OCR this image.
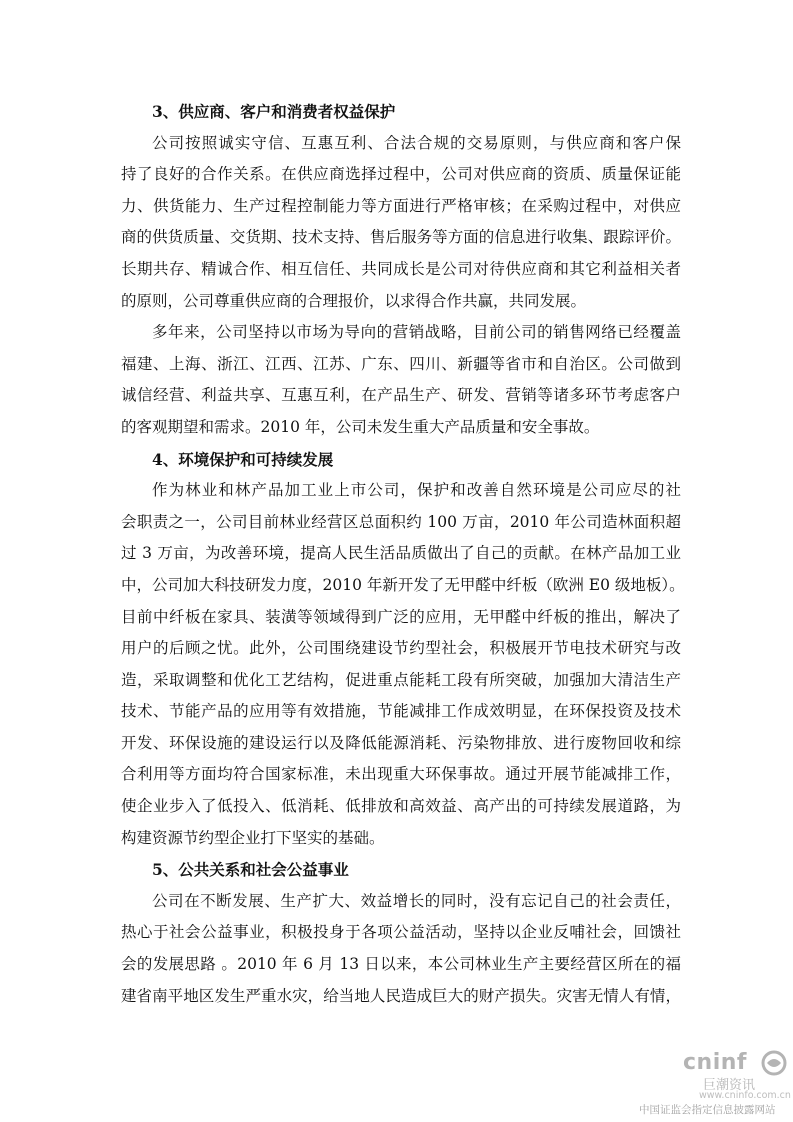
3、供应商、客户和消费者权益保护

公司按照诚实守信、互惠互利、合法合规的交易原则，与供应商和客户保
持了良好的合作关系。在供应商选择过程中，公司对供应商的资质、质量保证能
力、供货能力、生产过程控制能力等方面进行严格审核；在采购过程中，对供应
商的供货质量、交货期、技术支持、售后服务等方面的信息进行收集、跟踪评价。
长期共存、精诚合作、相互信任、共同成长是公司对待供应商和其它利益相关者
的原则，公司尊重供应商的合理报价，以求得合作共赢，共同发展。

多年来，公司坚持以市场为导向的营销战略，目前公司的销售网络已经覆盖
福建、上海、浙江、江西、江苏、广东、四川、新疆等省市和自治区。公司做到
诚信经营、利益共享、互惠互利，在产品生产、研发、营销等诸多环节考虑客户
的客观期望和需求。2010 年，公司未发生重大产品质量和安全事故。

4、环境保护和可持续发展

作为林业和林产品加工业上市公司，保护和改善自然环境是公司应尽的社
会职责之一，公司目前林业经营区总面积约 100 万亩，2010 年公司造林面积超
过 3 万亩，为改善环境，提高人民生活品质做出了自己的贡献。在林产品加工业
中，公司加大科技研发力度，2010 年新开发了无甲醛中纤板（欧洲 E0 级地板）。
目前中纤板在家具、装潢等领域得到广泛的应用，无甲醛中纤板的推出，解决了
用户的后顾之忧。此外，公司围绕建设节约型社会，积极展开节电技术研究与改
造，采取调整和优化工艺结构，促进重点能耗工段有所突破，加强加大清洁生产
技术、节能产品的应用等有效措施，节能减排工作成效明显，在环保投资及技术
开发、环保设施的建设运行以及降低能源消耗、污染物排放、进行废物回收和综
合利用等方面均符合国家标准，未出现重大环保事故。通过开展节能减排工作，
使企业步入了低投入、低消耗、低排放和高效益、高产出的可持续发展道路，为
构建资源节约型企业打下坚实的基础。

5、公共关系和社会公益事业

公司在不断发展、生产扩大、效益增长的同时，没有忘记自己的社会责任，
热心于社会公益事业，积极投身于各项公益活动，坚持以企业反哺社会，回馈社
会的发展思路 。2010 年 6 月 13 日以来，本公司林业生产主要经营区所在的福
建省南平地区发生严重水灾，给当地人民造成巨大的财产损失。灾害无情人有情，

cninf
巨潮资讯
www.cninfo.com.cn
中国证监会指定信息披露网站
